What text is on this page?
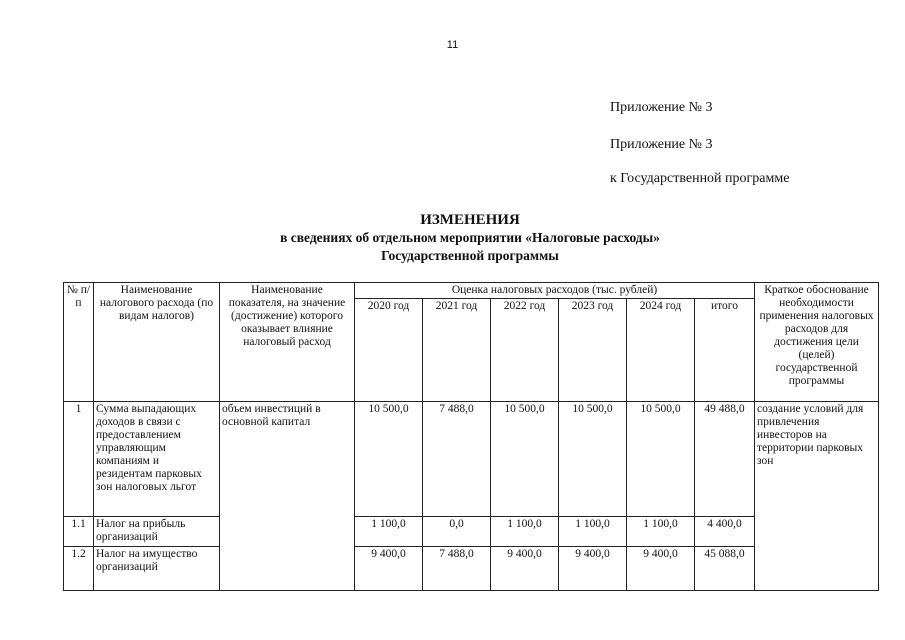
11
Приложение № 3
Приложение № 3
к Государственной программе
ИЗМЕНЕНИЯ
в сведениях об отдельном мероприятии «Налоговые расходы»
Государственной программы
№ п/п	Наименование налогового расхода (по видам налогов)	Наименование показателя, на значение (достижение) которого оказывает влияние налоговый расход	Оценка налоговых расходов (тыс. рублей)						Краткое обоснование необходимости применения налоговых расходов для достижения цели (целей) государственной программы
			2020 год	2021 год	2022 год	2023 год	2024 год	итого	
1	Сумма выпадающих доходов в связи с предоставлением управляющим компаниям и резидентам парковых зон налоговых льгот	объем инвестиций в основной капитал	10 500,0	7 488,0	10 500,0	10 500,0	10 500,0	49 488,0	создание условий для привлечения инвесторов на территории парковых зон
1.1	Налог на прибыль организаций		1 100,0	0,0	1 100,0	1 100,0	1 100,0	4 400,0	
1.2	Налог на имущество организаций		9 400,0	7 488,0	9 400,0	9 400,0	9 400,0	45 088,0	
